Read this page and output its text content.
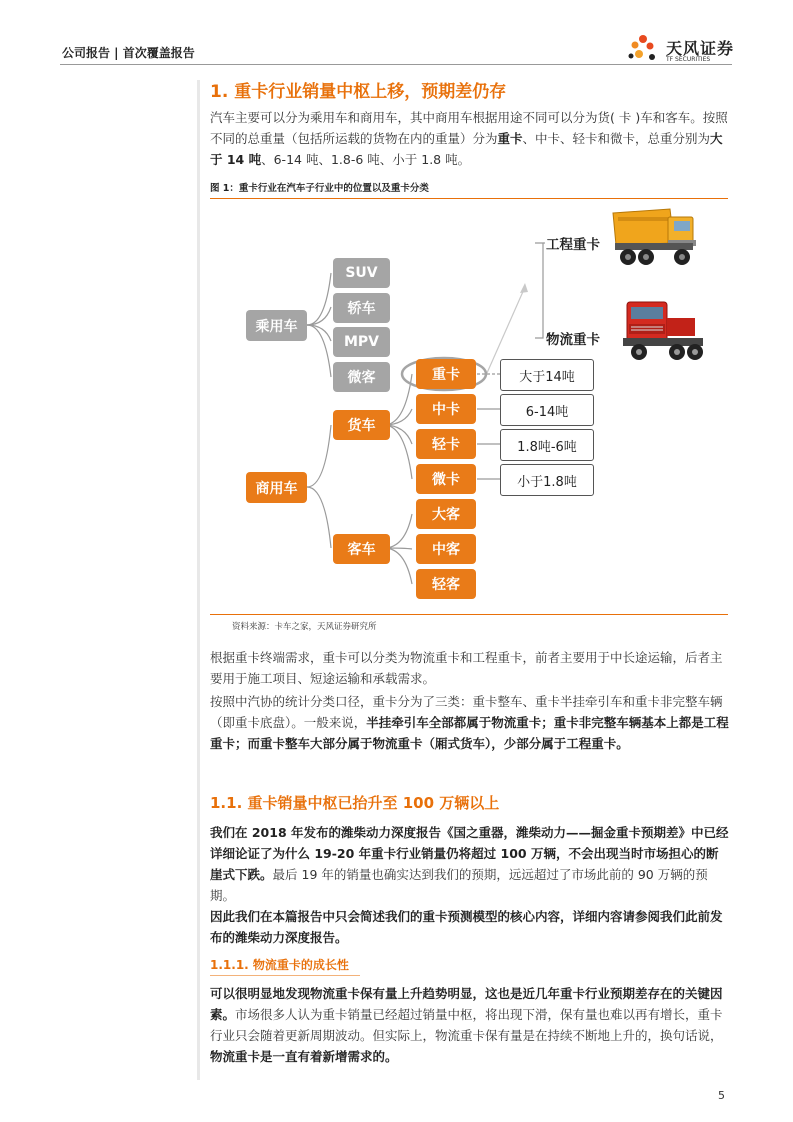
公司报告 | 首次覆盖报告	天风证券
TF SECURITIES
1. 重卡行业销量中枢上移，预期差仍存
汽车主要可以分为乘用车和商用车，其中商用车根据用途不同可以分为货( 卡 )车和客车。按照不同的总重量（包括所运载的货物在内的重量）分为重卡、中卡、轻卡和微卡，总重分别为大于 14 吨、6-14 吨、1.8-6 吨、小于 1.8 吨。
图 1：重卡行业在汽车子行业中的位置以及重卡分类
乘用车
SUV
轿车
MPV
微客
商用车
货车
客车
重卡
中卡
轻卡
微卡
大客
中客
轻客
大于14吨
6-14吨
1.8吨-6吨
小于1.8吨
工程重卡
物流重卡
资料来源：卡车之家，天风证券研究所
根据重卡终端需求，重卡可以分类为物流重卡和工程重卡，前者主要用于中长途运输，后者主要用于施工项目、短途运输和承载需求。
按照中汽协的统计分类口径，重卡分为了三类：重卡整车、重卡半挂牵引车和重卡非完整车辆（即重卡底盘）。一般来说，半挂牵引车全部都属于物流重卡；重卡非完整车辆基本上都是工程重卡；而重卡整车大部分属于物流重卡（厢式货车），少部分属于工程重卡。
1.1. 重卡销量中枢已抬升至 100 万辆以上
我们在 2018 年发布的潍柴动力深度报告《国之重器，潍柴动力——掘金重卡预期差》中已经详细论证了为什么 19-20 年重卡行业销量仍将超过 100 万辆，不会出现当时市场担心的断崖式下跌。最后 19 年的销量也确实达到我们的预期，远远超过了市场此前的 90 万辆的预期。
因此我们在本篇报告中只会简述我们的重卡预测模型的核心内容，详细内容请参阅我们此前发布的潍柴动力深度报告。
1.1.1. 物流重卡的成长性
可以很明显地发现物流重卡保有量上升趋势明显，这也是近几年重卡行业预期差存在的关键因素。市场很多人认为重卡销量已经超过销量中枢，将出现下滑，保有量也难以再有增长，重卡行业只会随着更新周期波动。但实际上，物流重卡保有量是在持续不断地上升的，换句话说，物流重卡是一直有着新增需求的。
5
